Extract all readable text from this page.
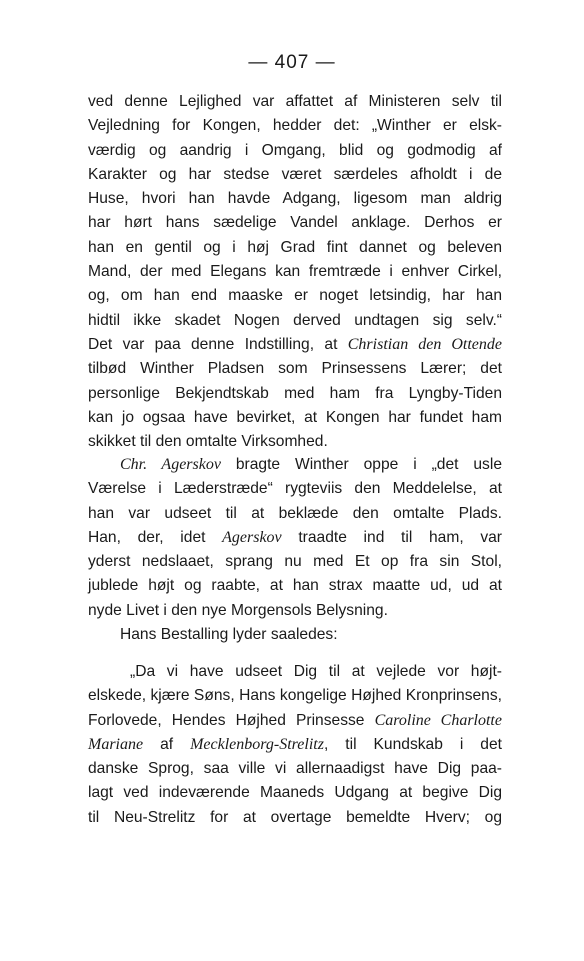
— 407 —
ved denne Lejlighed var affattet af Ministeren selv til
Vejledning for Kongen, hedder det: „Winther er elsk-
værdig og aandrig i Omgang, blid og godmodig af
Karakter og har stedse været særdeles afholdt i de
Huse, hvori han havde Adgang, ligesom man aldrig
har hørt hans sædelige Vandel anklage. Derhos er
han en gentil og i høj Grad fint dannet og beleven
Mand, der med Elegans kan fremtræde i enhver Cirkel,
og, om han end maaske er noget letsindig, har han
hidtil ikke skadet Nogen derved undtagen sig selv.“
Det var paa denne Indstilling, at Christian den Ottende
tilbød Winther Pladsen som Prinsessens Lærer; det
personlige Bekjendtskab med ham fra Lyngby-Tiden
kan jo ogsaa have bevirket, at Kongen har fundet ham
skikket til den omtalte Virksomhed.
Chr. Agerskov bragte Winther oppe i „det usle
Værelse i Læderstræde“ rygteviis den Meddelelse, at
han var udseet til at beklæde den omtalte Plads.
Han, der, idet Agerskov traadte ind til ham, var
yderst nedslaaet, sprang nu med Et op fra sin Stol,
jublede højt og raabte, at han strax maatte ud, ud at
nyde Livet i den nye Morgensols Belysning.
Hans Bestalling lyder saaledes:
„Da vi have udseet Dig til at vejlede vor højt-
elskede, kjære Søns, Hans kongelige Højhed Kronprinsens,
Forlovede, Hendes Højhed Prinsesse Caroline Charlotte
Mariane af Mecklenborg-Strelitz, til Kundskab i det
danske Sprog, saa ville vi allernaadigst have Dig paa-
lagt ved indeværende Maaneds Udgang at begive Dig
til Neu-Strelitz for at overtage bemeldte Hverv; og
